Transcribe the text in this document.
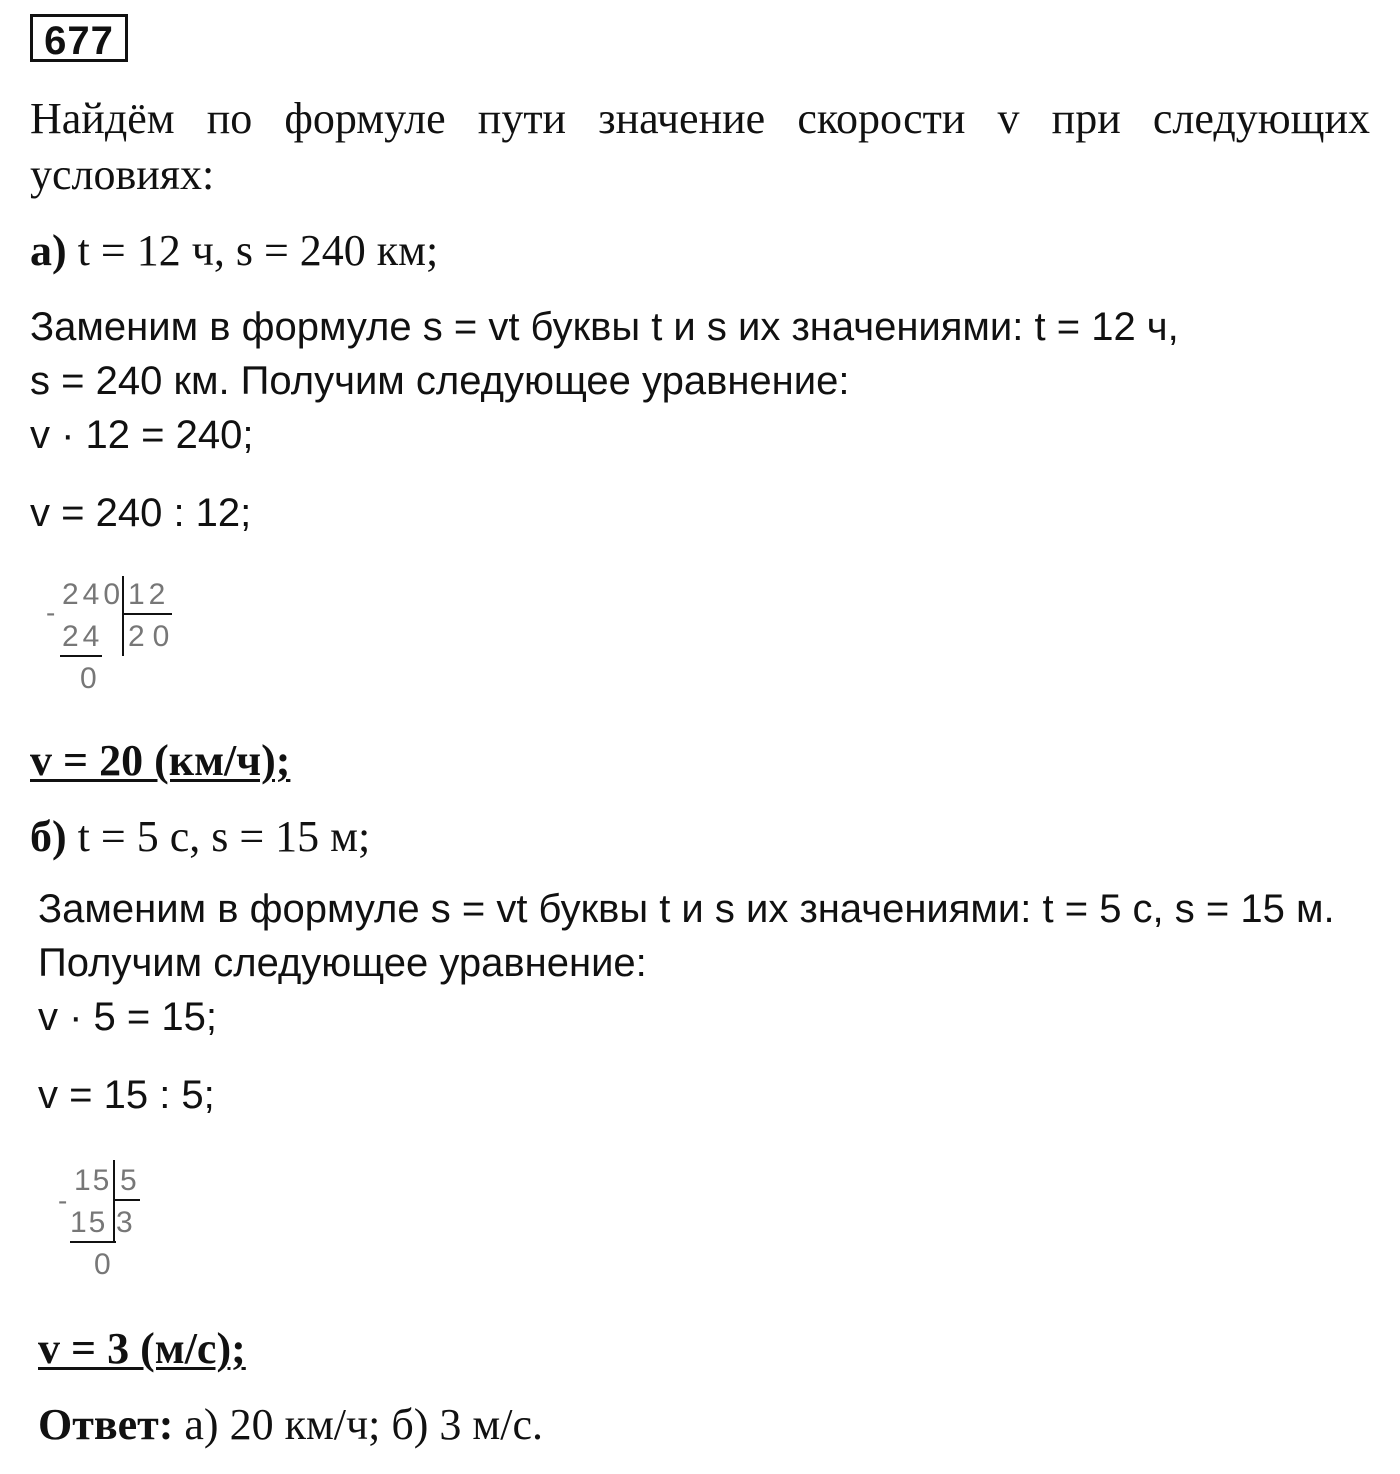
677
Найдём по формуле пути значение скорости v при следующих
условиях:
а) t = 12 ч, s = 240 км;
Заменим в формуле s = vt буквы t и s их значениями: t = 12 ч,
s = 240 км. Получим следующее уравнение:
v · 12 = 240;
v = 240 : 12;
-
240
24
12
20
0
v = 20 (км/ч);
б) t = 5 с, s = 15 м;
Заменим в формуле s = vt буквы t и s их значениями: t = 5 с, s = 15 м.
Получим следующее уравнение:
v · 5 = 15;
v = 15 : 5;
-
15
15
5
3
0
v = 3 (м/с);
Ответ: а) 20 км/ч; б) 3 м/с.
